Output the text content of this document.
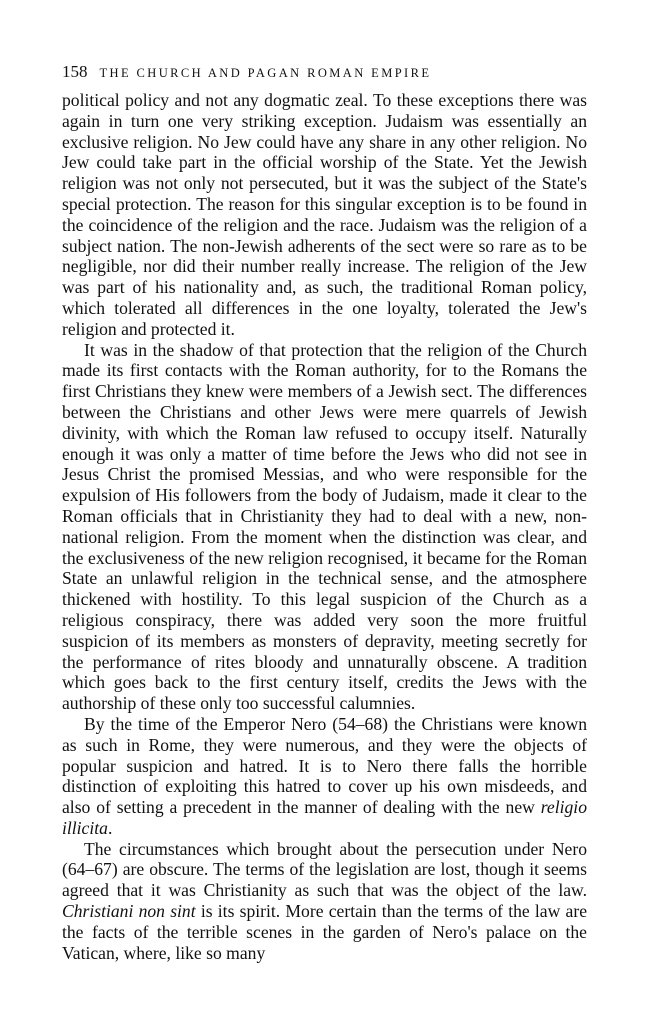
158 THE CHURCH AND PAGAN ROMAN EMPIRE

political policy and not any dogmatic zeal. To these exceptions there was again in turn one very striking exception. Judaism was essentially an exclusive religion. No Jew could have any share in any other religion. No Jew could take part in the official worship of the State. Yet the Jewish religion was not only not persecuted, but it was the subject of the State's special protection. The reason for this singular exception is to be found in the coincidence of the religion and the race. Judaism was the religion of a subject nation. The non-Jewish adherents of the sect were so rare as to be negligible, nor did their number really increase. The religion of the Jew was part of his nationality and, as such, the traditional Roman policy, which tolerated all differences in the one loyalty, tolerated the Jew's religion and protected it.

It was in the shadow of that protection that the religion of the Church made its first contacts with the Roman authority, for to the Romans the first Christians they knew were members of a Jewish sect. The differences between the Christians and other Jews were mere quarrels of Jewish divinity, with which the Roman law refused to occupy itself. Naturally enough it was only a matter of time before the Jews who did not see in Jesus Christ the promised Messias, and who were responsible for the expulsion of His followers from the body of Judaism, made it clear to the Roman officials that in Christianity they had to deal with a new, non-national religion. From the moment when the distinction was clear, and the exclusiveness of the new religion recognised, it became for the Roman State an unlawful religion in the technical sense, and the atmosphere thickened with hostility. To this legal suspicion of the Church as a religious conspiracy, there was added very soon the more fruitful suspicion of its members as monsters of depravity, meeting secretly for the performance of rites bloody and unnaturally obscene. A tradition which goes back to the first century itself, credits the Jews with the authorship of these only too successful calumnies.

By the time of the Emperor Nero (54–68) the Christians were known as such in Rome, they were numerous, and they were the objects of popular suspicion and hatred. It is to Nero there falls the horrible distinction of exploiting this hatred to cover up his own misdeeds, and also of setting a precedent in the manner of dealing with the new religio illicita.

The circumstances which brought about the persecution under Nero (64–67) are obscure. The terms of the legislation are lost, though it seems agreed that it was Christianity as such that was the object of the law. Christiani non sint is its spirit. More certain than the terms of the law are the facts of the terrible scenes in the garden of Nero's palace on the Vatican, where, like so many
